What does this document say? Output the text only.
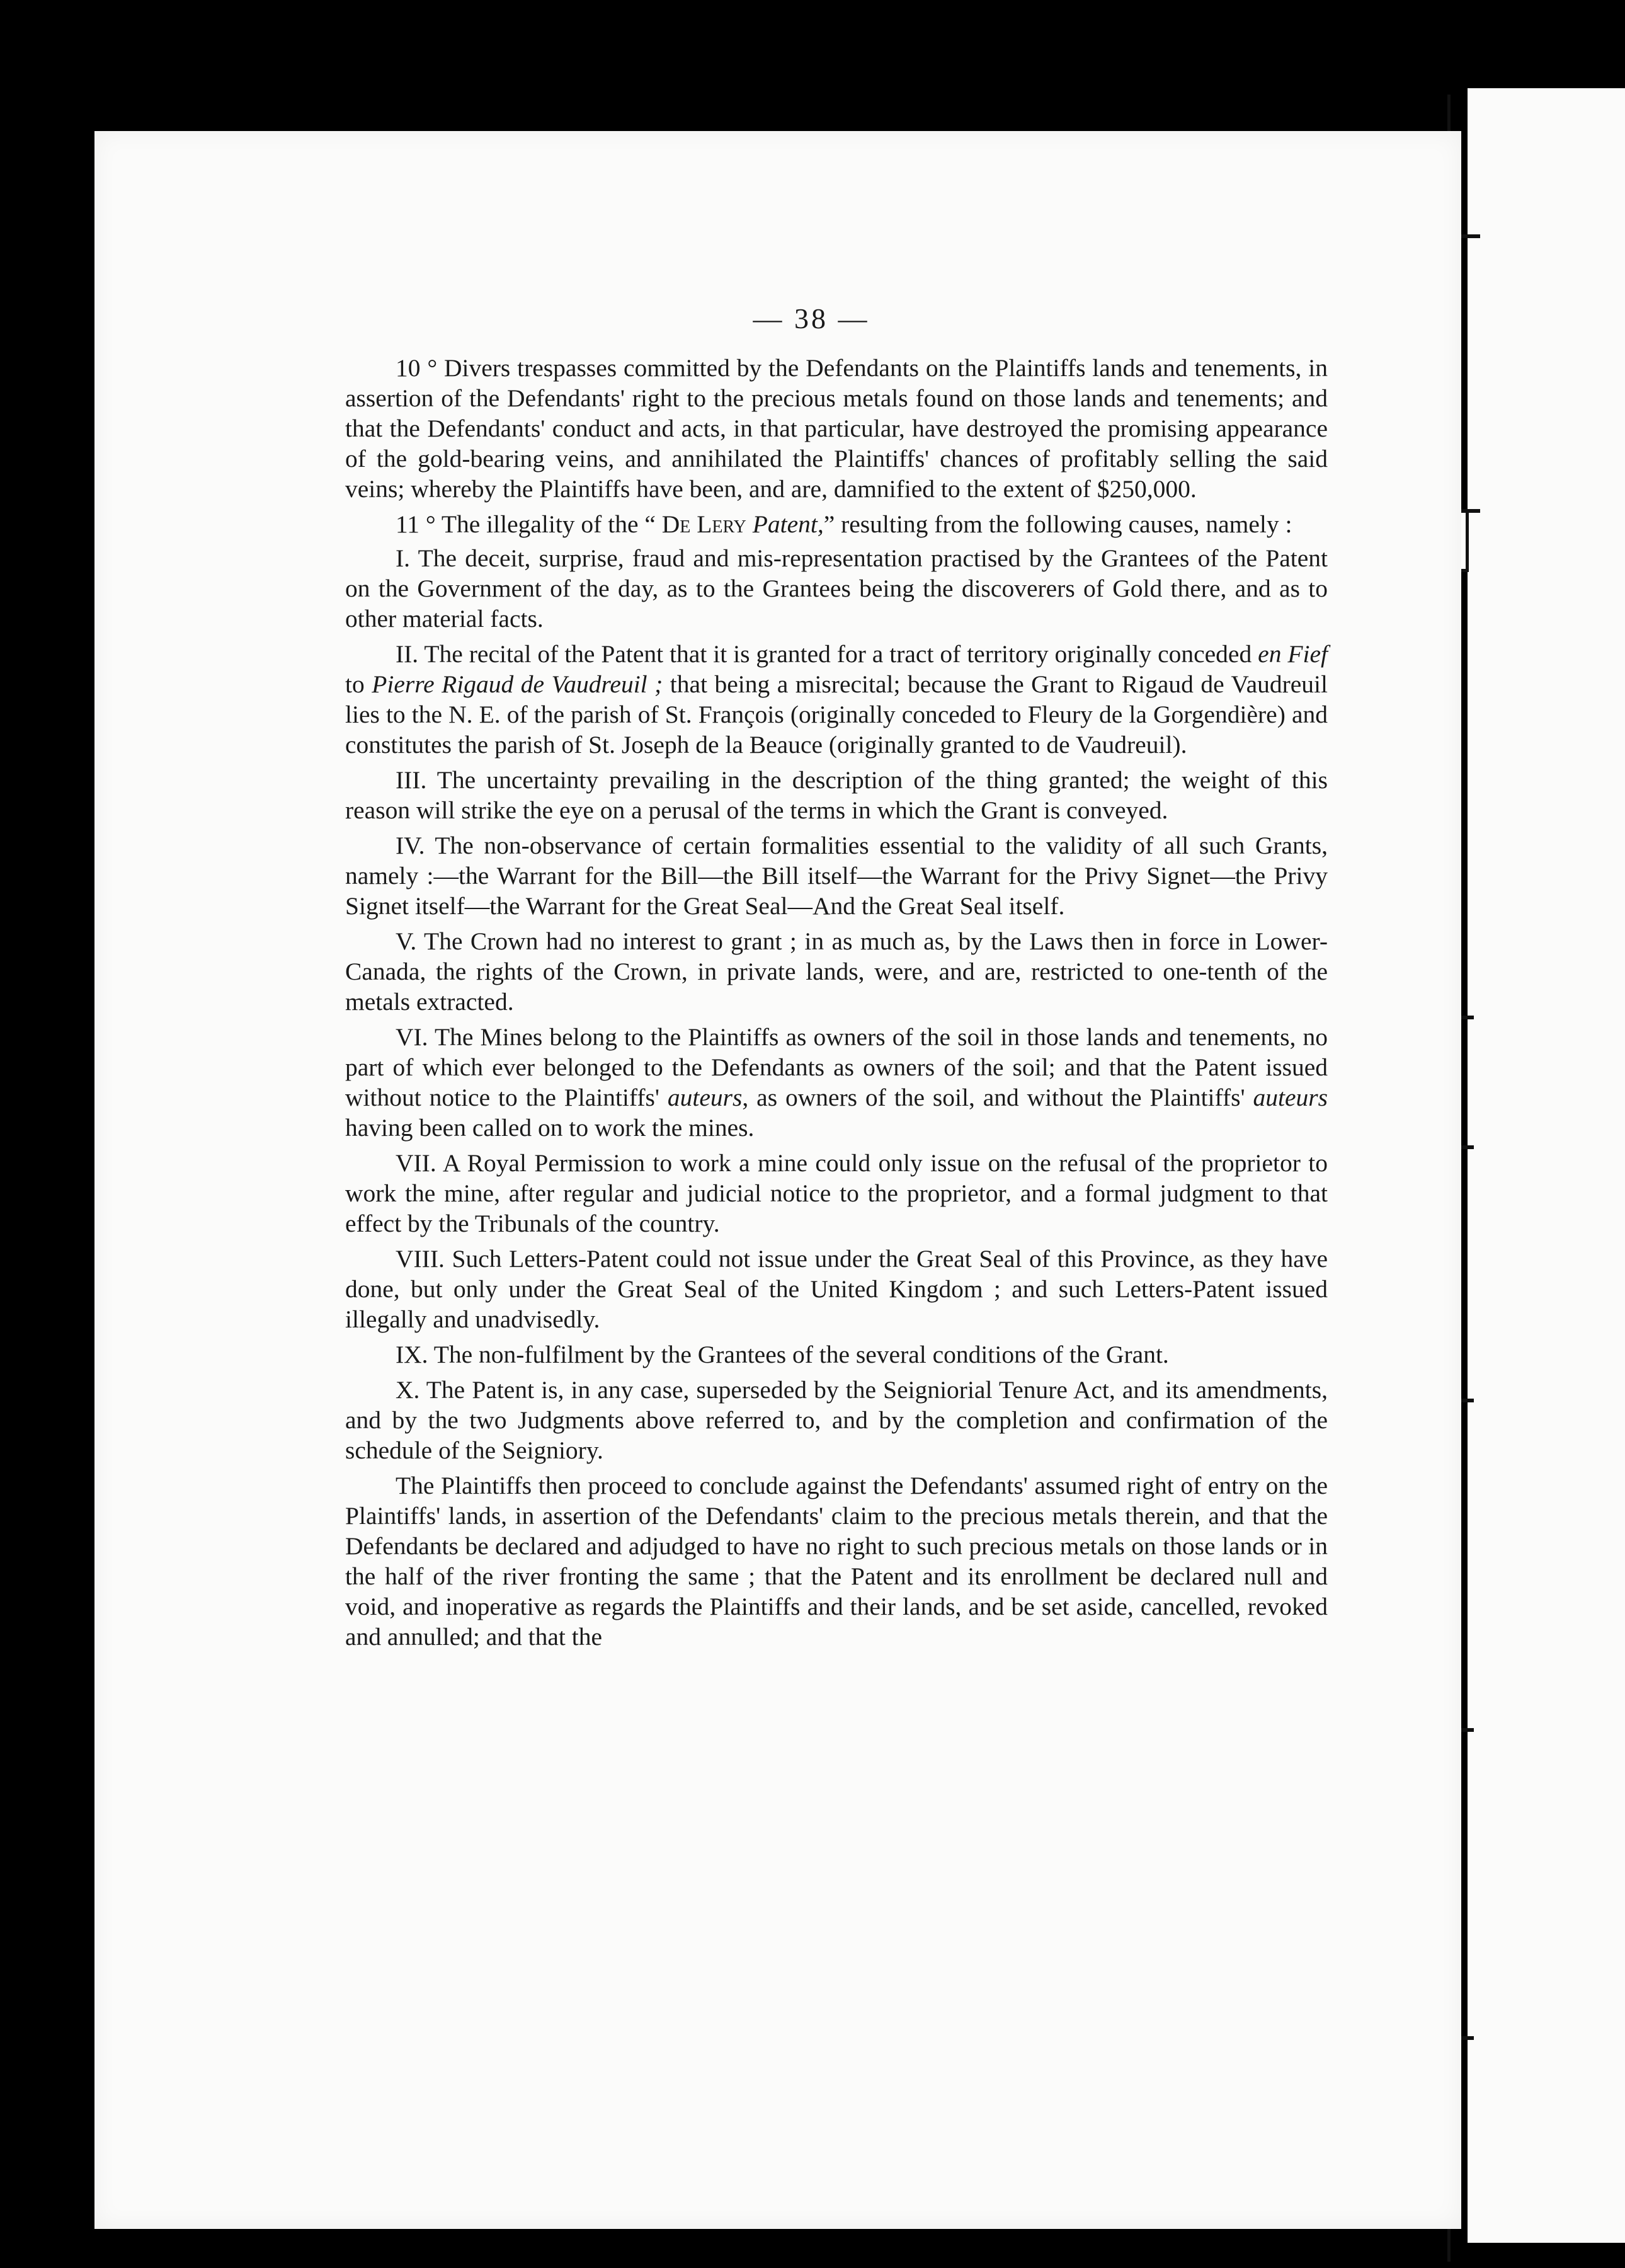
— 38 —

10 ° Divers trespasses committed by the Defendants on the Plaintiffs lands and tenements, in assertion of the Defendants' right to the precious metals found on those lands and tenements; and that the Defendants' conduct and acts, in that particular, have destroyed the promising appearance of the gold-bearing veins, and annihilated the Plaintiffs' chances of profitably selling the said veins; whereby the Plaintiffs have been, and are, damnified to the extent of $250,000.

11 ° The illegality of the “ De Lery Patent,” resulting from the following causes, namely :

I. The deceit, surprise, fraud and mis-representation practised by the Grantees of the Patent on the Government of the day, as to the Grantees being the discoverers of Gold there, and as to other material facts.

II. The recital of the Patent that it is granted for a tract of territory originally conceded en Fief to Pierre Rigaud de Vaudreuil ; that being a misrecital; because the Grant to Rigaud de Vaudreuil lies to the N. E. of the parish of St. François (originally conceded to Fleury de la Gorgendière) and constitutes the parish of St. Joseph de la Beauce (originally granted to de Vaudreuil).

III. The uncertainty prevailing in the description of the thing granted; the weight of this reason will strike the eye on a perusal of the terms in which the Grant is conveyed.

IV. The non-observance of certain formalities essential to the validity of all such Grants, namely :—the Warrant for the Bill—the Bill itself—the Warrant for the Privy Signet—the Privy Signet itself—the Warrant for the Great Seal—And the Great Seal itself.

V. The Crown had no interest to grant ; in as much as, by the Laws then in force in Lower-Canada, the rights of the Crown, in private lands, were, and are, restricted to one-tenth of the metals extracted.

VI. The Mines belong to the Plaintiffs as owners of the soil in those lands and tenements, no part of which ever belonged to the Defendants as owners of the soil; and that the Patent issued without notice to the Plaintiffs' auteurs, as owners of the soil, and without the Plaintiffs' auteurs having been called on to work the mines.

VII. A Royal Permission to work a mine could only issue on the refusal of the proprietor to work the mine, after regular and judicial notice to the proprietor, and a formal judgment to that effect by the Tribunals of the country.

VIII. Such Letters-Patent could not issue under the Great Seal of this Province, as they have done, but only under the Great Seal of the United Kingdom ; and such Letters-Patent issued illegally and unadvisedly.

IX. The non-fulfilment by the Grantees of the several conditions of the Grant.

X. The Patent is, in any case, superseded by the Seigniorial Tenure Act, and its amendments, and by the two Judgments above referred to, and by the completion and confirmation of the schedule of the Seigniory.

The Plaintiffs then proceed to conclude against the Defendants' assumed right of entry on the Plaintiffs' lands, in assertion of the Defendants' claim to the precious metals therein, and that the Defendants be declared and adjudged to have no right to such precious metals on those lands or in the half of the river fronting the same ; that the Patent and its enrollment be declared null and void, and inoperative as regards the Plaintiffs and their lands, and be set aside, cancelled, revoked and annulled; and that the
